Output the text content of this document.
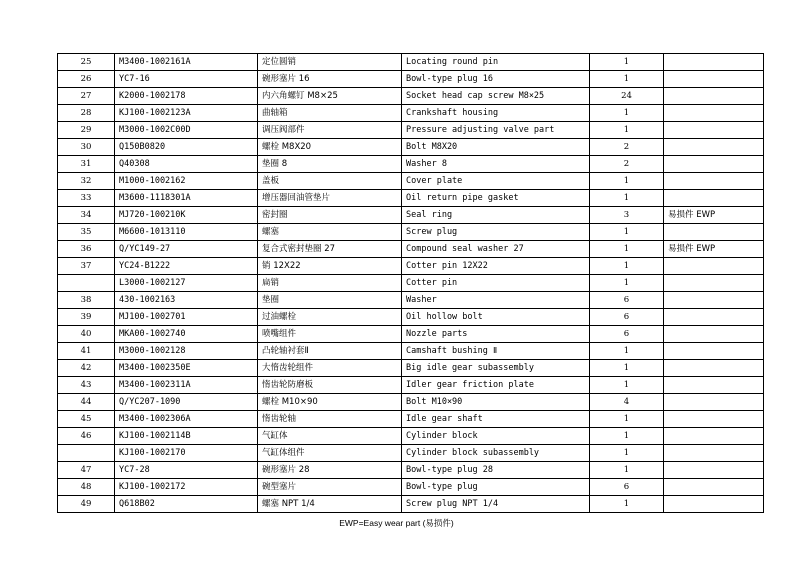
25	M3400-1002161A	定位圆销	Locating round pin	1	
26	YC7-16	碗形塞片 16	Bowl-type plug 16	1	
27	K2000-1002178	内六角螺钉 M8×25	Socket head cap screw M8×25	24	
28	KJ100-1002123A	曲轴箱	Crankshaft housing	1	
29	M3000-1002C00D	调压阀部件	Pressure adjusting valve part	1	
30	Q150B0820	螺栓 M8X20	Bolt M8X20	2	
31	Q40308	垫圈 8	Washer 8	2	
32	M1000-1002162	盖板	Cover plate	1	
33	M3600-1118301A	增压器回油管垫片	Oil return pipe gasket	1	
34	MJ720-100210K	密封圈	Seal ring	3	易损件 EWP
35	M6600-1013110	螺塞	Screw plug	1	
36	Q/YC149-27	复合式密封垫圈 27	Compound seal washer 27	1	易损件 EWP
37	YC24-B1222	销 12X22	Cotter pin 12X22	1	
	L3000-1002127	扁销	Cotter pin	1	
38	430-1002163	垫圈	Washer	6	
39	MJ100-1002701	过油螺栓	Oil hollow bolt	6	
40	MKA00-1002740	喷嘴组件	Nozzle parts	6	
41	M3000-1002128	凸轮轴衬套Ⅱ	Camshaft bushing Ⅱ	1	
42	M3400-1002350E	大惰齿轮组件	Big idle gear subassembly	1	
43	M3400-1002311A	惰齿轮防磨板	Idler gear friction plate	1	
44	Q/YC207-1090	螺栓 M10×90	Bolt M10×90	4	
45	M3400-1002306A	惰齿轮轴	Idle gear shaft	1	
46	KJ100-1002114B	气缸体	Cylinder block	1	
	KJ100-1002170	气缸体组件	Cylinder block subassembly	1	
47	YC7-28	碗形塞片 28	Bowl-type plug 28	1	
48	KJ100-1002172	碗型塞片	Bowl-type plug	6	
49	Q618B02	螺塞 NPT 1/4	Screw plug NPT 1/4	1	
EWP=Easy wear part (易损件)
